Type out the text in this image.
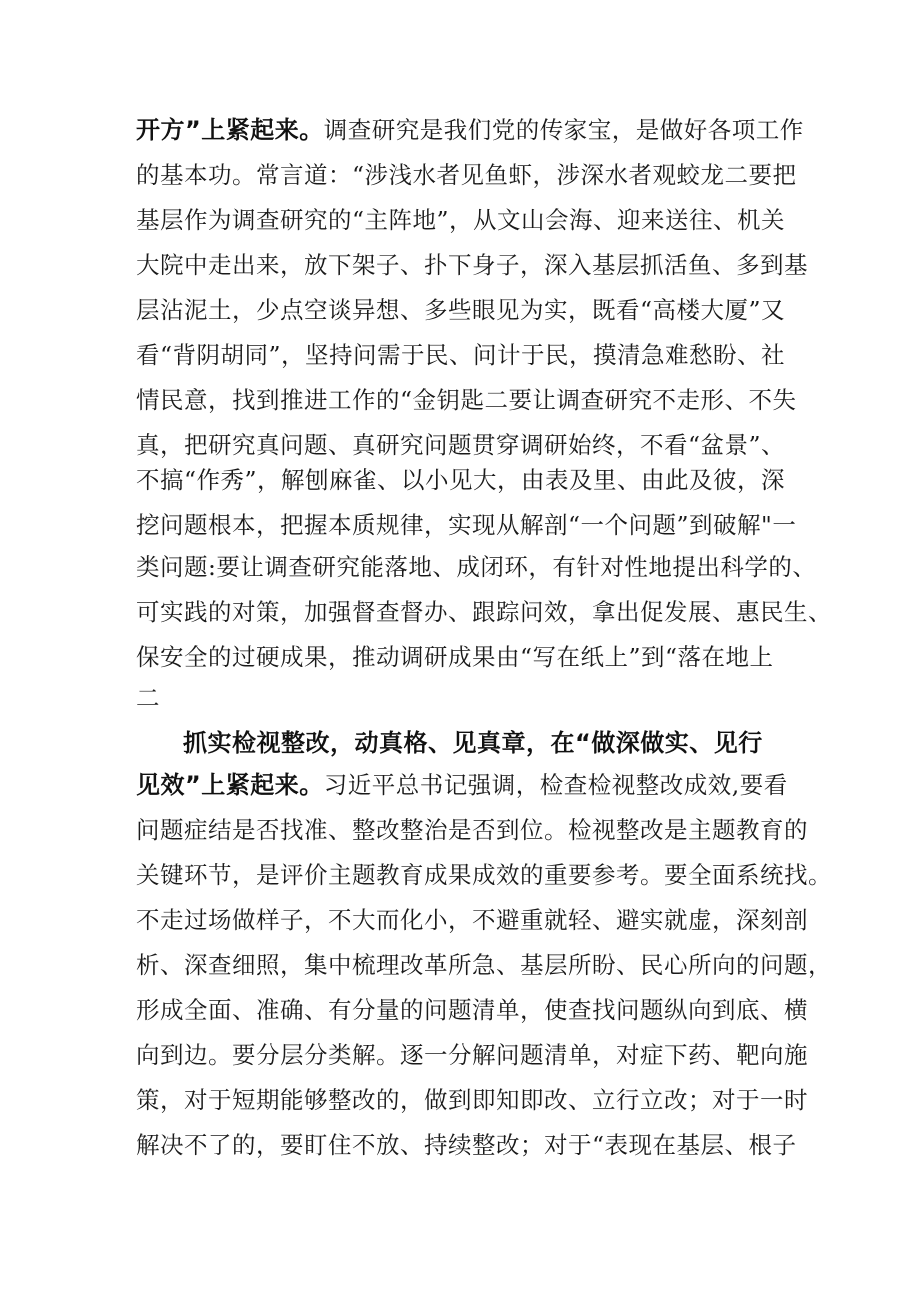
开方”上紧起来。调查研究是我们党的传家宝，是做好各项工作
的基本功。常言道：“涉浅水者见鱼虾，涉深水者观蛟龙二要把
基层作为调查研究的“主阵地”，从文山会海、迎来送往、机关
大院中走出来，放下架子、扑下身子，深入基层抓活鱼、多到基
层沾泥土，少点空谈异想、多些眼见为实，既看“高楼大厦”又
看“背阴胡同”，坚持问需于民、问计于民，摸清急难愁盼、社
情民意，找到推进工作的“金钥匙二要让调查研究不走形、不失
真，把研究真问题、真研究问题贯穿调研始终，不看“盆景”、
不搞“作秀”，解刨麻雀、以小见大，由表及里、由此及彼，深
挖问题根本，把握本质规律，实现从解剖“一个问题”到破解"一
类问题:要让调查研究能落地、成闭环，有针对性地提出科学的、
可实践的对策，加强督查督办、跟踪问效，拿出促发展、惠民生、
保安全的过硬成果，推动调研成果由“写在纸上”到“落在地上
二
抓实检视整改，动真格、见真章，在“做深做实、见行
见效”上紧起来。习近平总书记强调，检查检视整改成效,要看
问题症结是否找准、整改整治是否到位。检视整改是主题教育的
关键环节，是评价主题教育成果成效的重要参考。要全面系统找。
不走过场做样子，不大而化小，不避重就轻、避实就虚，深刻剖
析、深查细照，集中梳理改革所急、基层所盼、民心所向的问题，
形成全面、准确、有分量的问题清单，使查找问题纵向到底、横
向到边。要分层分类解。逐一分解问题清单，对症下药、靶向施
策，对于短期能够整改的，做到即知即改、立行立改；对于一时
解决不了的，要盯住不放、持续整改；对于“表现在基层、根子
